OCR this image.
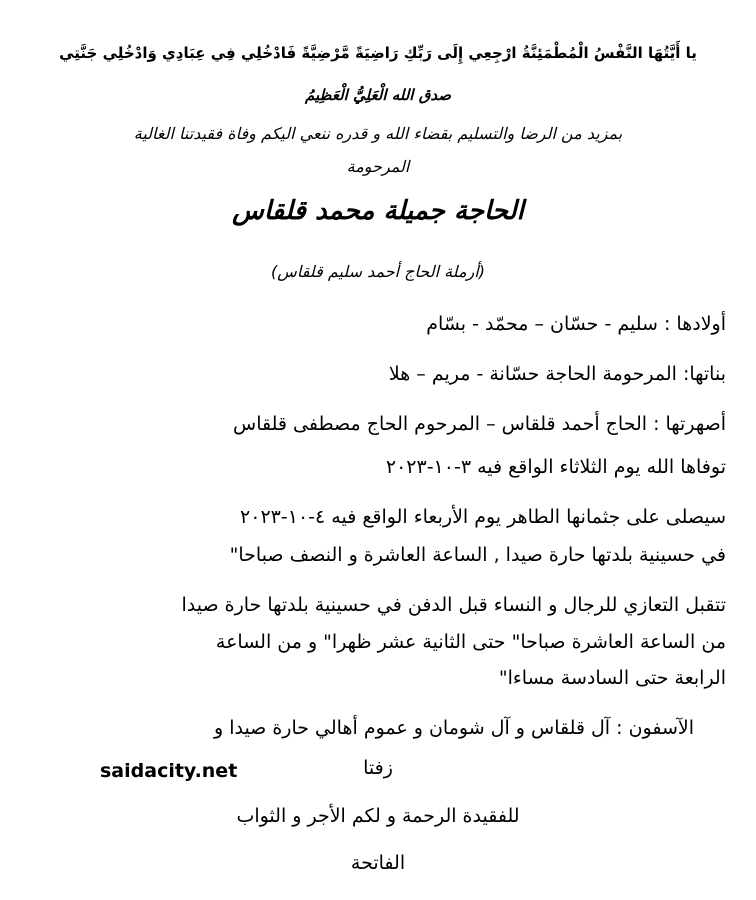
يا أَيَّتُهَا النَّفْسُ الْمُطْمَئِنَّةُ ارْجِعِي إِلَى رَبِّكِ رَاضِيَةً مَّرْضِيَّةً فَادْخُلِي فِي عِبَادِي وَادْخُلِي جَنَّتِي

صدق الله الْعَلِيُّ الْعَظِيمُ

بمزيد من الرضا والتسليم بقضاء الله و قدره ننعي اليكم وفاة فقيدتنا الغالية

المرحومة

الحاجة جميلة محمد قلقاس

(أرملة الحاج أحمد سليم قلقاس)

أولادها : سليم - حسّان – محمّد - بسّام

بناتها: المرحومة الحاجة حسّانة - مريم – هلا

أصهرتها : الحاج أحمد قلقاس – المرحوم الحاج مصطفى قلقاس

توفاها الله يوم الثلاثاء الواقع فيه ٣-١٠-٢٠٢٣

سيصلى على جثمانها الطاهر يوم الأربعاء الواقع فيه ٤-١٠-٢٠٢٣

في حسينية بلدتها حارة صيدا , الساعة العاشرة و النصف صباحا"

تتقبل التعازي للرجال و النساء قبل الدفن في حسينية بلدتها حارة صيدا

من الساعة العاشرة صباحا" حتى الثانية عشر ظهرا" و من الساعة

الرابعة حتى السادسة مساءا"

الآسفون : آل قلقاس و آل شومان و عموم أهالي حارة صيدا و

زفتا

saidacity.net

للفقيدة الرحمة و لكم الأجر و الثواب

الفاتحة
